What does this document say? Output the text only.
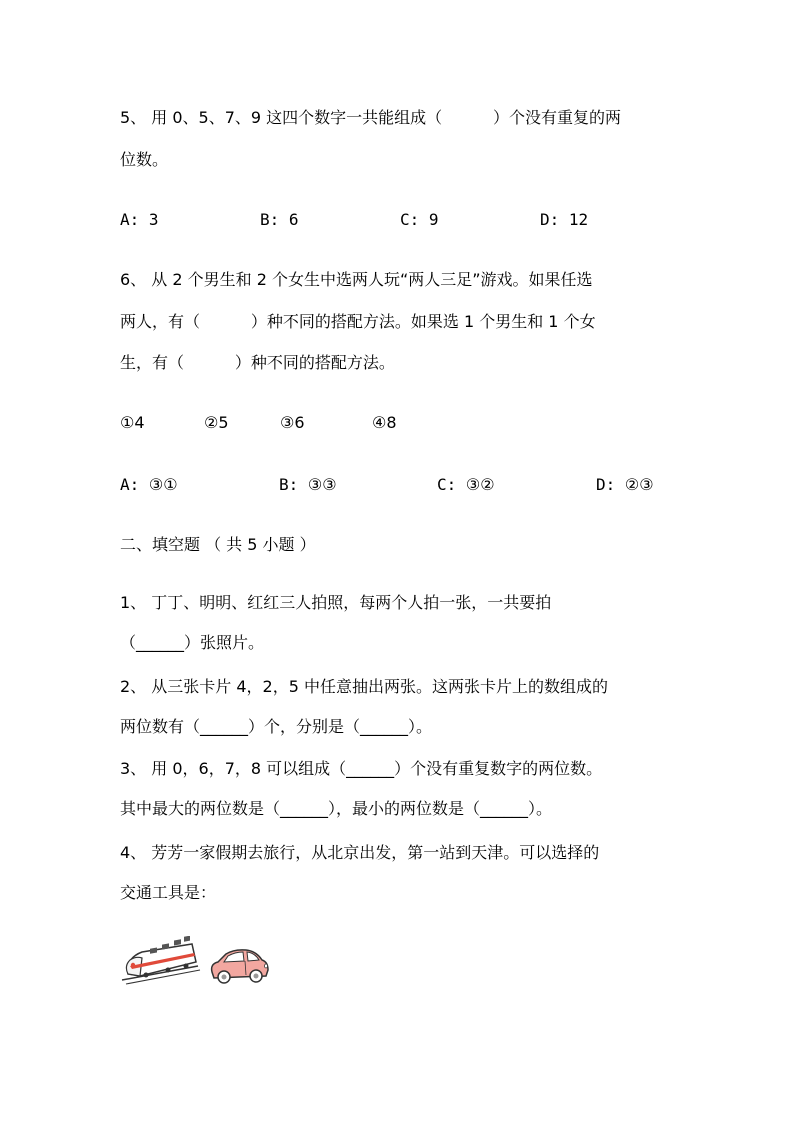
5、 用 0、5、7、9 这四个数字一共能组成（          ）个没有重复的两
位数。
A: 3	B: 6	C: 9	D: 12
6、 从 2 个男生和 2 个女生中选两人玩“两人三足”游戏。如果任选
两人，有（          ）种不同的搭配方法。如果选 1 个男生和 1 个女
生，有（          ）种不同的搭配方法。
①4	②5	③6	④8
A: ③①	B: ③③	C: ③②	D: ②③
二、填空题 （ 共 5 小题 ）
1、 丁丁、明明、红红三人拍照，每两个人拍一张，一共要拍
（______）张照片。
2、 从三张卡片 4，2，5 中任意抽出两张。这两张卡片上的数组成的
两位数有（______）个，分别是（______）。
3、 用 0，6，7，8 可以组成（______）个没有重复数字的两位数。
其中最大的两位数是（______），最小的两位数是（______）。
4、 芳芳一家假期去旅行，从北京出发，第一站到天津。可以选择的
交通工具是：
